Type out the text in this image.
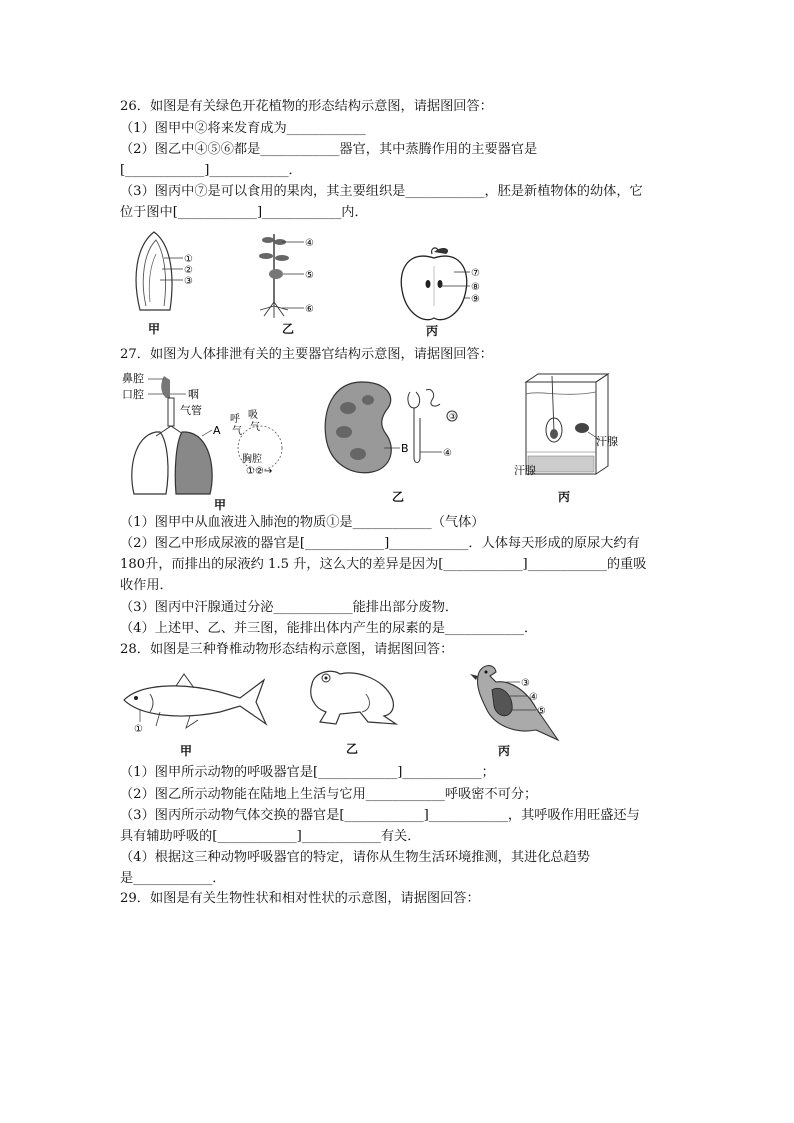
26．如图是有关绿色开花植物的形态结构示意图，请据图回答：
（1）图甲中②将来发育成为____________
（2）图乙中④⑤⑥都是____________器官，其中蒸腾作用的主要器官是
[____________]____________．
（3）图丙中⑦是可以食用的果肉，其主要组织是____________，胚是新植物体的幼体，它
位于图中[____________]____________内．
①
②
③
甲
④
⑤
⑥
乙
⑦
⑧
⑨
丙
27．如图为人体排泄有关的主要器官结构示意图，请据图回答：
鼻腔
口腔	咽
气管
A
呼 吸
气 气
胸腔
①②→
甲
③
B	④
乙
汗腺
汗腺
丙
（1）图甲中从血液进入肺泡的物质①是____________（气体）
（2）图乙中形成尿液的器官是[____________]____________．人体每天形成的原尿大约有
180升，而排出的尿液约 1.5 升，这么大的差异是因为[____________]____________的重吸
收作用．
（3）图丙中汗腺通过分泌____________能排出部分废物．
（4）上述甲、乙、并三图，能排出体内产生的尿素的是____________．
28．如图是三种脊椎动物形态结构示意图，请据图回答：
①
甲	乙
③
④
⑤
丙
（1）图甲所示动物的呼吸器官是[____________]____________；
（2）图乙所示动物能在陆地上生活与它用____________呼吸密不可分；
（3）图丙所示动物气体交换的器官是[____________]____________，其呼吸作用旺盛还与
具有辅助呼吸的[____________]____________有关．
（4）根据这三种动物呼吸器官的特定，请你从生物生活环境推测，其进化总趋势
是____________．
29．如图是有关生物性状和相对性状的示意图，请据图回答：
